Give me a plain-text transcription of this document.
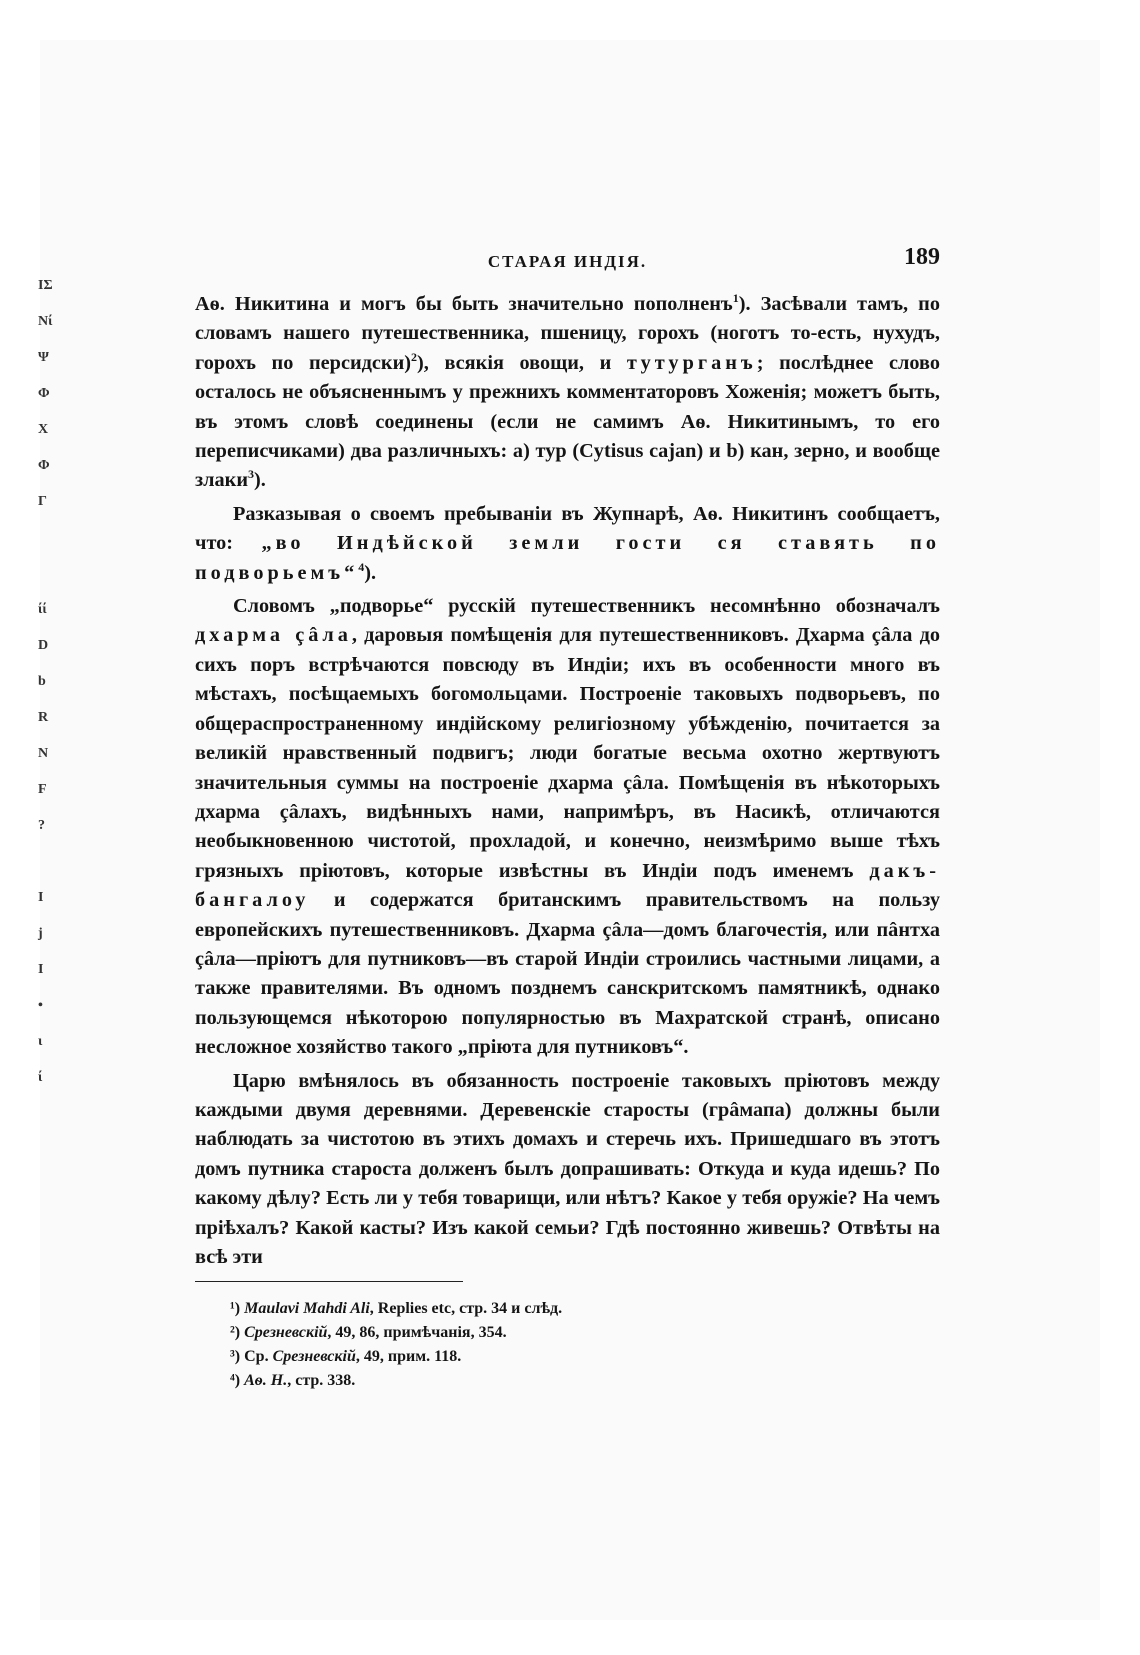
ΙΣ
Νί
Ψ
Φ
Χ
Φ
Γ
ίί
D
b
R
Ν
F
?
Ι
j
Ι
•
ι
ί
СТАРАЯ ИНДІЯ.	189

Аѳ. Никитина и могъ бы быть значительно пополненъ$^1$). Засѣвали тамъ, по словамъ нашего путешественника, пшеницу, горохъ (ноготъ то-есть, нухудъ, горохъ по персидски)$^2$), всякія овощи, и тутурганъ; послѣднее слово осталось не объясненнымъ у прежнихъ комментаторовъ Хоженія; можетъ быть, въ этомъ словѣ соединены (если не самимъ Аѳ. Никитинымъ, то его переписчиками) два различныхъ: a) тур (Cytisus cajan) и b) кан, зерно, и вообще злаки$^3$).

Разказывая о своемъ пребываніи въ Жупнарѣ, Аѳ. Никитинъ сообщаетъ, что: „во Индѣйской земли гости ся ставять по подворьемъ“$^4$).

Словомъ „подворье“ русскій путешественникъ несомнѣнно обозначалъ дхарма çâла, даровыя помѣщенія для путешественниковъ. Дхарма çâла до сихъ поръ встрѣчаются повсюду въ Индіи; ихъ въ особенности много въ мѣстахъ, посѣщаемыхъ богомольцами. Построеніе таковыхъ подворьевъ, по общераспространенному индійскому религіозному убѣжденію, почитается за великій нравственный подвигъ; люди богатые весьма охотно жертвуютъ значительныя суммы на построеніе дхарма çâла. Помѣщенія въ нѣкоторыхъ дхарма çâлахъ, видѣнныхъ нами, напримѣръ, въ Насикѣ, отличаются необыкновенною чистотой, прохладой, и конечно, неизмѣримо выше тѣхъ грязныхъ пріютовъ, которые извѣстны въ Индіи подъ именемъ дакъ-бангалоу и содержатся британскимъ правительствомъ на пользу европейскихъ путешественниковъ. Дхарма çâла—домъ благочестія, или пâнтха çâла—пріютъ для путниковъ—въ старой Индіи строились частными лицами, а также правителями. Въ одномъ позднемъ санскритскомъ памятникѣ, однако пользующемся нѣкоторою популярностью въ Махратской странѣ, описано несложное хозяйство такого „пріюта для путниковъ“.

Царю вмѣнялось въ обязанность построеніе таковыхъ пріютовъ между каждыми двумя деревнями. Деревенскіе старосты (грâмапа) должны были наблюдать за чистотою въ этихъ домахъ и стеречь ихъ. Пришедшаго въ этотъ домъ путника староста долженъ былъ допрашивать: Откуда и куда идешь? По какому дѣлу? Есть ли у тебя товарищи, или нѣтъ? Какое у тебя оружіе? На чемъ пріѣхалъ? Какой касты? Изъ какой семьи? Гдѣ постоянно живешь? Отвѣты на всѣ эти

¹) Maulavi Mahdi Ali, Replies etc, стр. 34 и слѣд.
²) Срезневскій, 49, 86, примѣчанія, 354.
³) Ср. Срезневскій, 49, прим. 118.
⁴) Аѳ. Н., стр. 338.
